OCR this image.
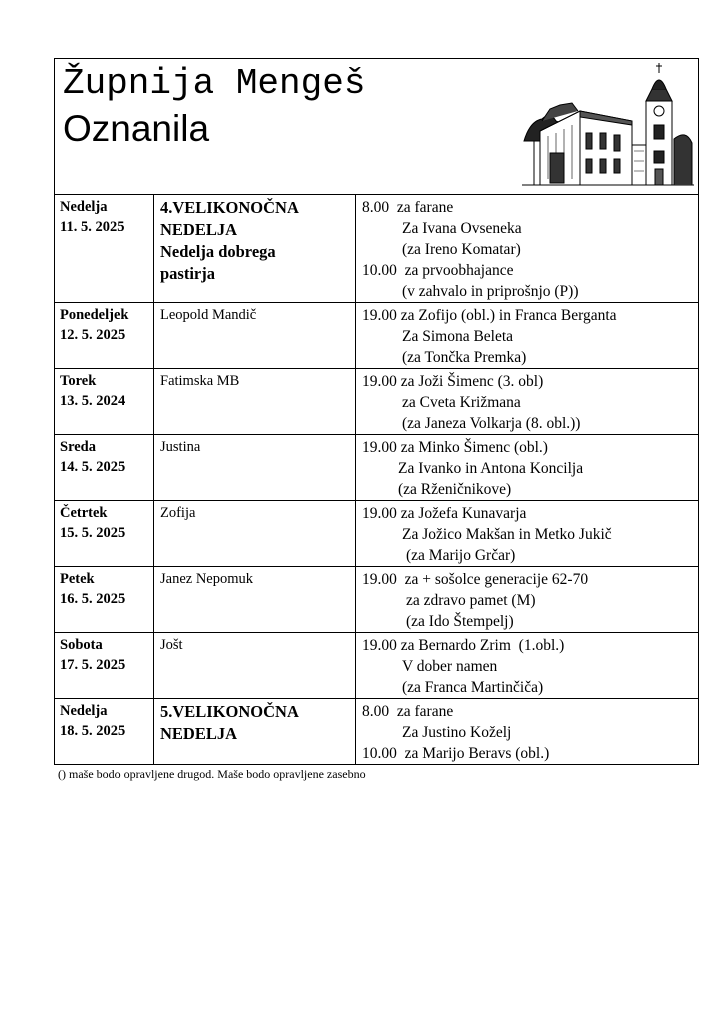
Župnija Mengeš
Oznanila
Nedelja
11. 5. 2025	4.VELIKONOČNA
NEDELJA
Nedelja dobrega
pastirja	8.00  za farane
Za Ivana Ovseneka
(za Ireno Komatar)
10.00  za prvoobhajance
(v zahvalo in priprošnjo (P))

Ponedeljek
12. 5. 2025	Leopold Mandič	19.00 za Zofijo (obl.) in Franca Berganta
Za Simona Beleta
(za Tončka Premka)

Torek
13. 5. 2024	Fatimska MB	19.00 za Joži Šimenc (3. obl)
za Cveta Križmana
(za Janeza Volkarja (8. obl.))

Sreda
14. 5. 2025	Justina	19.00 za Minko Šimenc (obl.)
Za Ivanko in Antona Koncilja
(za Rženičnikove)

Četrtek
15. 5. 2025	Zofija	19.00 za Jožefa Kunavarja
Za Jožico Makšan in Metko Jukič
(za Marijo Grčar)

Petek
16. 5. 2025	Janez Nepomuk	19.00  za + sošolce generacije 62-70
za zdravo pamet (M)
(za Ido Štempelj)

Sobota
17. 5. 2025	Jošt	19.00 za Bernardo Zrim  (1.obl.)
V dober namen
(za Franca Martinčiča)

Nedelja
18. 5. 2025	5.VELIKONOČNA
NEDELJA	8.00  za farane
Za Justino Koželj
10.00  za Marijo Beravs (obl.)
() maše bodo opravljene drugod. Maše bodo opravljene zasebno
